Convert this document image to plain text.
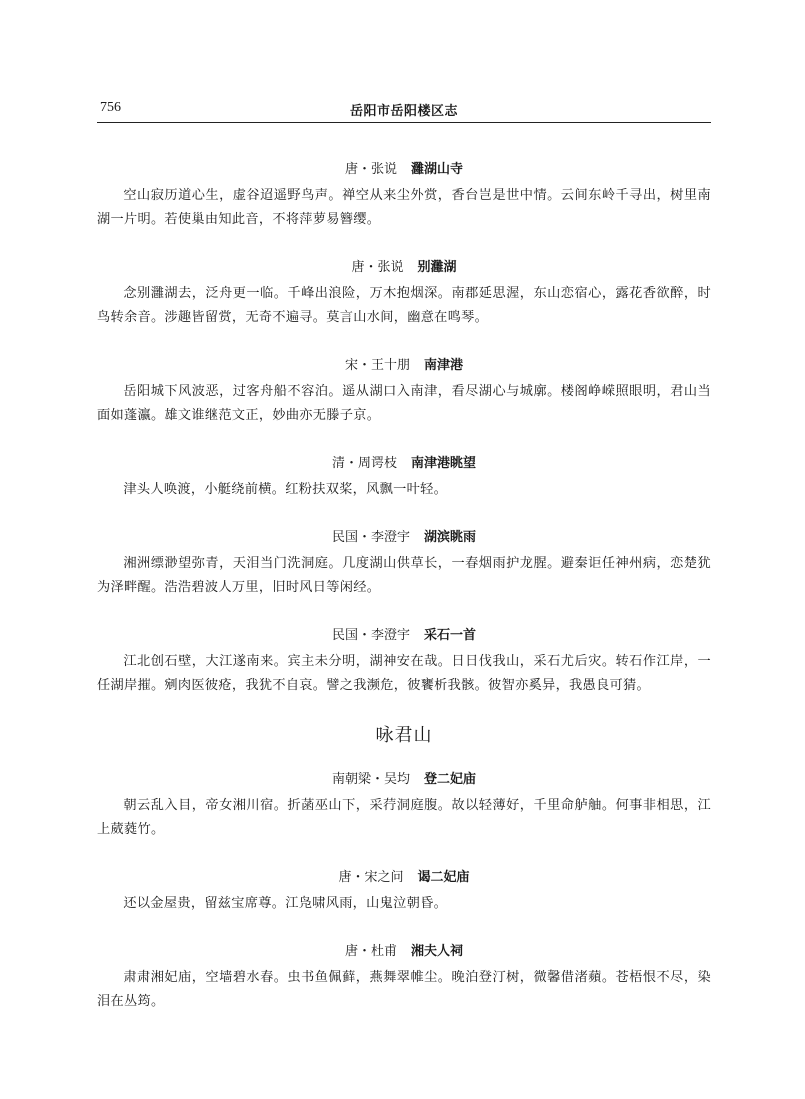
756	岳阳市岳阳楼区志
唐・张说 灉湖山寺
空山寂历道心生，虚谷迢遥野鸟声。禅空从来尘外赏，香台岂是世中情。云间东岭千寻出，树里南湖一片明。若使巢由知此音，不将萍萝易簪缨。
唐・张说 别灉湖
念别灉湖去，泛舟更一临。千峰出浪险，万木抱烟深。南郡延思渥，东山恋宿心，露花香欲醉，时鸟转余音。涉趣皆留赏，无奇不遍寻。莫言山水间，幽意在鸣琴。
宋・王十朋 南津港
岳阳城下风波恶，过客舟船不容泊。遥从湖口入南津，看尽湖心与城廓。楼阁峥嵘照眼明，君山当面如蓬瀛。雄文谁继范文正，妙曲亦无滕子京。
清・周谔枝 南津港眺望
津头人唤渡，小艇绕前横。红粉扶双桨，风飘一叶轻。
民国・李澄宇 湖滨眺雨
湘洲缥渺望弥青，天泪当门洗洞庭。几度湖山供草长，一春烟雨护龙腥。避秦讵任神州病，恋楚犹为泽畔醒。浩浩碧波人万里，旧时风日等闲经。
民国・李澄宇 采石一首
江北创石壁，大江遂南来。宾主未分明，湖神安在哉。日日伐我山，采石尤后灾。转石作江岸，一任湖岸摧。剜肉医彼疮，我犹不自哀。譬之我濒危，彼饔析我骸。彼智亦奚异，我愚良可猜。
咏君山
南朝梁・吴均 登二妃庙
朝云乱入目，帝女湘川宿。折菡巫山下，采荇洞庭腹。故以轻薄好，千里命舻舳。何事非相思，江上葳蕤竹。
唐・宋之问 谒二妃庙
还以金屋贵，留兹宝席尊。江凫啸风雨，山鬼泣朝昏。
唐・杜甫 湘夫人祠
肃肃湘妃庙，空墙碧水春。虫书鱼佩藓，燕舞翠帷尘。晚泊登汀树，微馨借渚蘋。苍梧恨不尽，染泪在丛筠。
